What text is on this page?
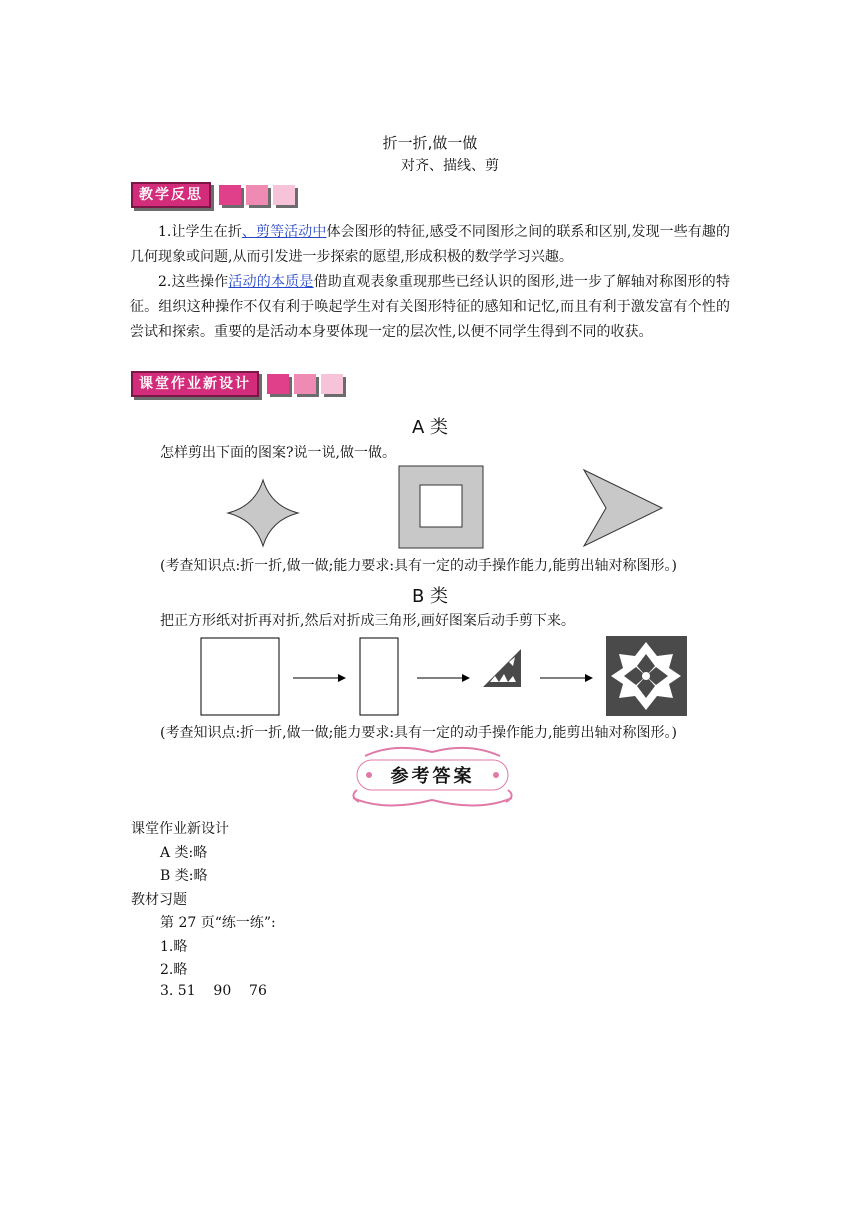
折一折,做一做
对齐、描线、剪
教学反思
1.让学生在折、剪等活动中体会图形的特征,感受不同图形之间的联系和区别,发现一些有趣的几何现象或问题,从而引发进一步探索的愿望,形成积极的数学学习兴趣。
2.这些操作活动的本质是借助直观表象重现那些已经认识的图形,进一步了解轴对称图形的特征。组织这种操作不仅有利于唤起学生对有关图形特征的感知和记忆,而且有利于激发富有个性的尝试和探索。重要的是活动本身要体现一定的层次性,以便不同学生得到不同的收获。
课堂作业新设计
A 类
怎样剪出下面的图案?说一说,做一做。
(考查知识点:折一折,做一做;能力要求:具有一定的动手操作能力,能剪出轴对称图形。)
B 类
把正方形纸对折再对折,然后对折成三角形,画好图案后动手剪下来。
(考查知识点:折一折,做一做;能力要求:具有一定的动手操作能力,能剪出轴对称图形。)
参考答案
课堂作业新设计
A 类:略
B 类:略
教材习题
第 27 页“练一练”:
1.略
2.略
3. 51    90    76
